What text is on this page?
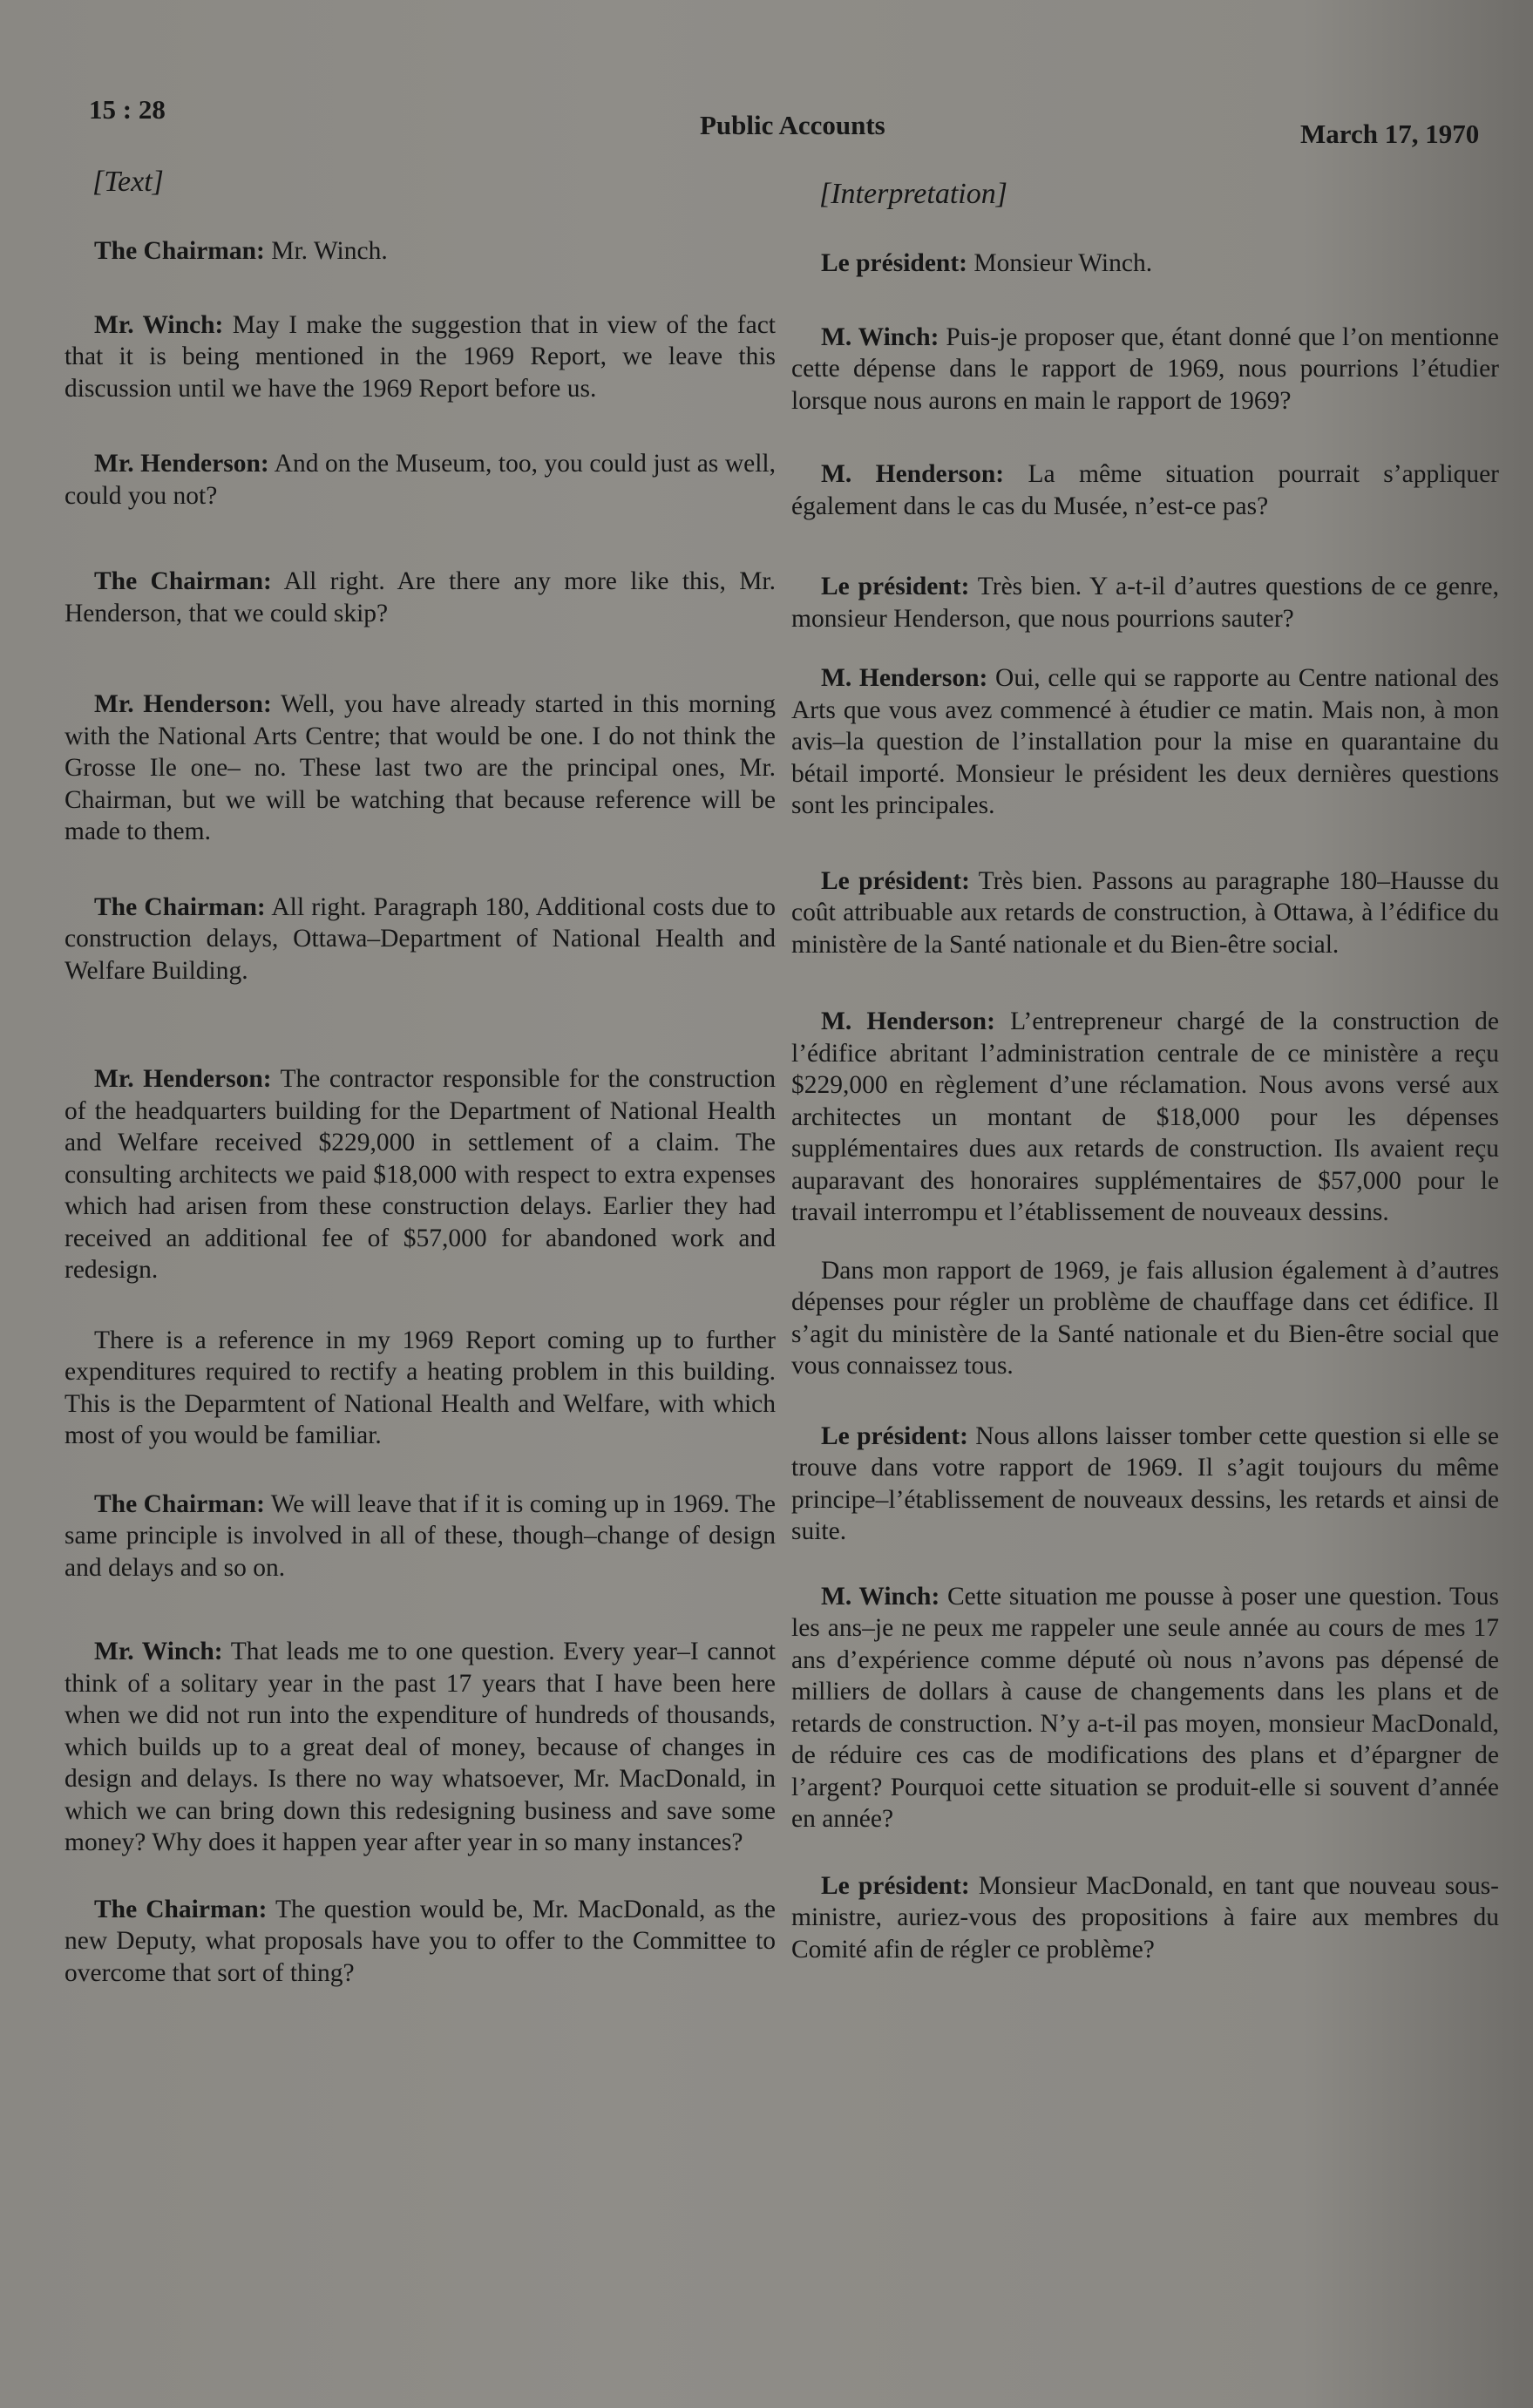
15 : 28
Public Accounts	March 17, 1970
[Text]

The Chairman: Mr. Winch.

Mr. Winch: May I make the suggestion that in view of the fact that it is being mentioned in the 1969 Report, we leave this discussion until we have the 1969 Report before us.

Mr. Henderson: And on the Museum, too, you could just as well, could you not?

The Chairman: All right. Are there any more like this, Mr. Henderson, that we could skip?

Mr. Henderson: Well, you have already started in this morning with the National Arts Centre; that would be one. I do not think the Grosse Ile one– no. These last two are the principal ones, Mr. Chairman, but we will be watching that because reference will be made to them.

The Chairman: All right. Paragraph 180, Additional costs due to construction delays, Ottawa–Department of National Health and Welfare Building.

Mr. Henderson: The contractor responsible for the construction of the headquarters building for the Department of National Health and Welfare received $229,000 in settlement of a claim. The consulting architects we paid $18,000 with respect to extra expenses which had arisen from these construction delays. Earlier they had received an additional fee of $57,000 for abandoned work and redesign.

There is a reference in my 1969 Report coming up to further expenditures required to rectify a heating problem in this building. This is the Deparmtent of National Health and Welfare, with which most of you would be familiar.

The Chairman: We will leave that if it is coming up in 1969. The same principle is involved in all of these, though–change of design and delays and so on.

Mr. Winch: That leads me to one question. Every year–I cannot think of a solitary year in the past 17 years that I have been here when we did not run into the expenditure of hundreds of thousands, which builds up to a great deal of money, because of changes in design and delays. Is there no way whatsoever, Mr. MacDonald, in which we can bring down this redesigning business and save some money? Why does it happen year after year in so many instances?

The Chairman: The question would be, Mr. MacDonald, as the new Deputy, what proposals have you to offer to the Committee to overcome that sort of thing?

[Interpretation]

Le président: Monsieur Winch.

M. Winch: Puis-je proposer que, étant donné que l’on mentionne cette dépense dans le rapport de 1969, nous pourrions l’étudier lorsque nous aurons en main le rapport de 1969?

M. Henderson: La même situation pourrait s’appliquer également dans le cas du Musée, n’est-ce pas?

Le président: Très bien. Y a-t-il d’autres questions de ce genre, monsieur Henderson, que nous pourrions sauter?

M. Henderson: Oui, celle qui se rapporte au Centre national des Arts que vous avez commencé à étudier ce matin. Mais non, à mon avis–la question de l’installation pour la mise en quarantaine du bétail importé. Monsieur le président les deux dernières questions sont les principales.

Le président: Très bien. Passons au paragraphe 180–Hausse du coût attribuable aux retards de construction, à Ottawa, à l’édifice du ministère de la Santé nationale et du Bien-être social.

M. Henderson: L’entrepreneur chargé de la construction de l’édifice abritant l’administration centrale de ce ministère a reçu $229,000 en règlement d’une réclamation. Nous avons versé aux architectes un montant de $18,000 pour les dépenses supplémentaires dues aux retards de construction. Ils avaient reçu auparavant des honoraires supplémentaires de $57,000 pour le travail interrompu et l’établissement de nouveaux dessins.

Dans mon rapport de 1969, je fais allusion également à d’autres dépenses pour régler un problème de chauffage dans cet édifice. Il s’agit du ministère de la Santé nationale et du Bien-être social que vous connaissez tous.

Le président: Nous allons laisser tomber cette question si elle se trouve dans votre rapport de 1969. Il s’agit toujours du même principe–l’établissement de nouveaux dessins, les retards et ainsi de suite.

M. Winch: Cette situation me pousse à poser une question. Tous les ans–je ne peux me rappeler une seule année au cours de mes 17 ans d’expérience comme député où nous n’avons pas dépensé de milliers de dollars à cause de changements dans les plans et de retards de construction. N’y a-t-il pas moyen, monsieur MacDonald, de réduire ces cas de modifications des plans et d’épargner de l’argent? Pourquoi cette situation se produit-elle si souvent d’année en année?

Le président: Monsieur MacDonald, en tant que nouveau sous-ministre, auriez-vous des propositions à faire aux membres du Comité afin de régler ce problème?
